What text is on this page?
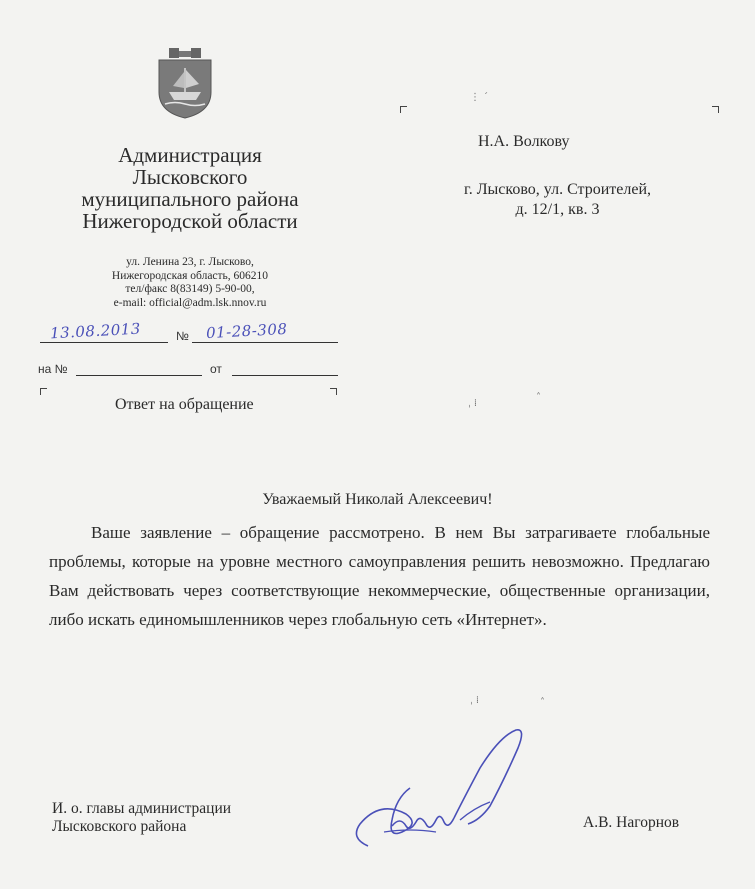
Администрация
Лысковского
муниципального района
Нижегородской области
ул. Ленина 23, г. Лысково,
Нижегородская область, 606210
тел/факс 8(83149) 5-90-00,
e-mail: official@adm.lsk.nnov.ru
13.08.2013	№ 01-28-308
на №	от
Н.А. Волкову
г. Лысково, ул. Строителей,
д. 12/1, кв. 3
Ответ на обращение
Уважаемый Николай Алексеевич!
Ваше заявление – обращение рассмотрено. В нем Вы затрагиваете глобальные проблемы, которые на уровне местного самоуправления решить невозможно. Предлагаю Вам действовать через соответствующие некоммерческие, общественные организации, либо искать единомышленников через глобальную сеть «Интернет».
И. о. главы администрации
Лысковского района	А.В. Нагорнов
⋮ ˊ
ˌ ⁞
ˌ ⁞
˄
˄
